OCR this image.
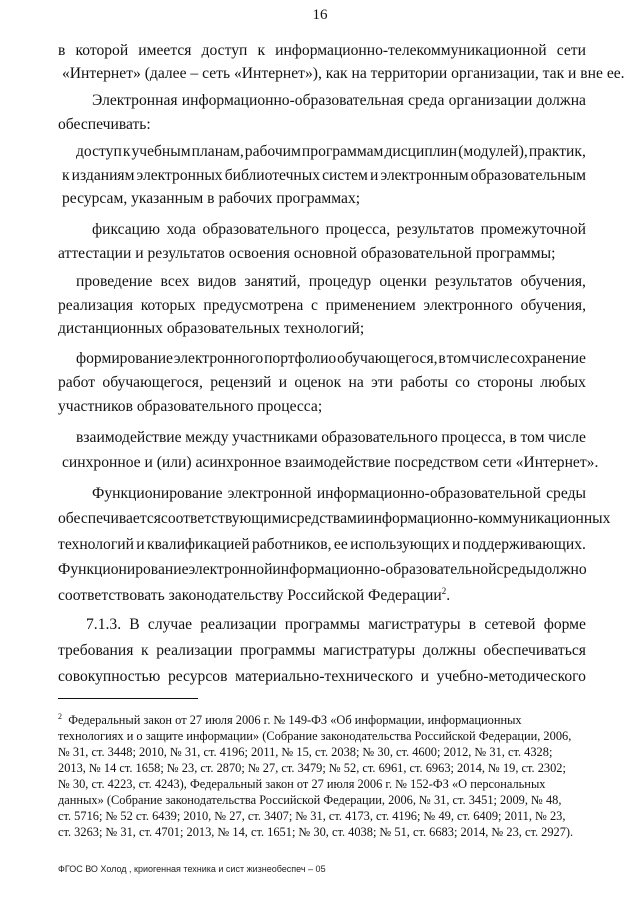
16
в которой имеется доступ к информационно-телекоммуникационной сети
«Интернет» (далее – сеть «Интернет»), как на территории организации, так и вне ее.
Электронная информационно-образовательная среда организации должна
обеспечивать:
доступ к учебным планам, рабочим программам дисциплин (модулей), практик,
к изданиям электронных библиотечных систем и электронным образовательным
ресурсам, указанным в рабочих программах;
фиксацию хода образовательного процесса, результатов промежуточной
аттестации и результатов освоения основной образовательной программы;
проведение всех видов занятий, процедур оценки результатов обучения,
реализация которых предусмотрена с применением электронного обучения,
дистанционных образовательных технологий;
формирование электронного портфолио обучающегося, в том числе сохранение
работ обучающегося, рецензий и оценок на эти работы со стороны любых
участников образовательного процесса;
взаимодействие между участниками образовательного процесса, в том числе
синхронное и (или) асинхронное взаимодействие посредством сети «Интернет».
Функционирование электронной информационно-образовательной среды
обеспечивается соответствующими средствами информационно-коммуникационных
технологий и квалификацией работников, ее использующих и поддерживающих.
Функционирование электронной информационно-образовательной среды должно
соответствовать законодательству Российской Федерации$^2$.
7.1.3. В случае реализации программы магистратуры в сетевой форме
требования к реализации программы магистратуры должны обеспечиваться
совокупностью ресурсов материально-технического и учебно-методического
$^2$ Федеральный закон от 27 июля 2006 г. № 149-ФЗ «Об информации, информационных
технологиях и о защите информации» (Собрание законодательства Российской Федерации, 2006,
№ 31, ст. 3448; 2010, № 31, ст. 4196; 2011, № 15, ст. 2038; № 30, ст. 4600; 2012, № 31, ст. 4328;
2013, № 14 ст. 1658; № 23, ст. 2870; № 27, ст. 3479; № 52, ст. 6961, ст. 6963; 2014, № 19, ст. 2302;
№ 30, ст. 4223, ст. 4243), Федеральный закон от 27 июля 2006 г. № 152-ФЗ «О персональных
данных» (Собрание законодательства Российской Федерации, 2006, № 31, ст. 3451; 2009, № 48,
ст. 5716; № 52 ст. 6439; 2010, № 27, ст. 3407; № 31, ст. 4173, ст. 4196; № 49, ст. 6409; 2011, № 23,
ст. 3263; № 31, ст. 4701; 2013, № 14, ст. 1651; № 30, ст. 4038; № 51, ст. 6683; 2014, № 23, ст. 2927).
ФГОС ВО Холод , криогенная техника и сист жизнеобеспеч – 05
